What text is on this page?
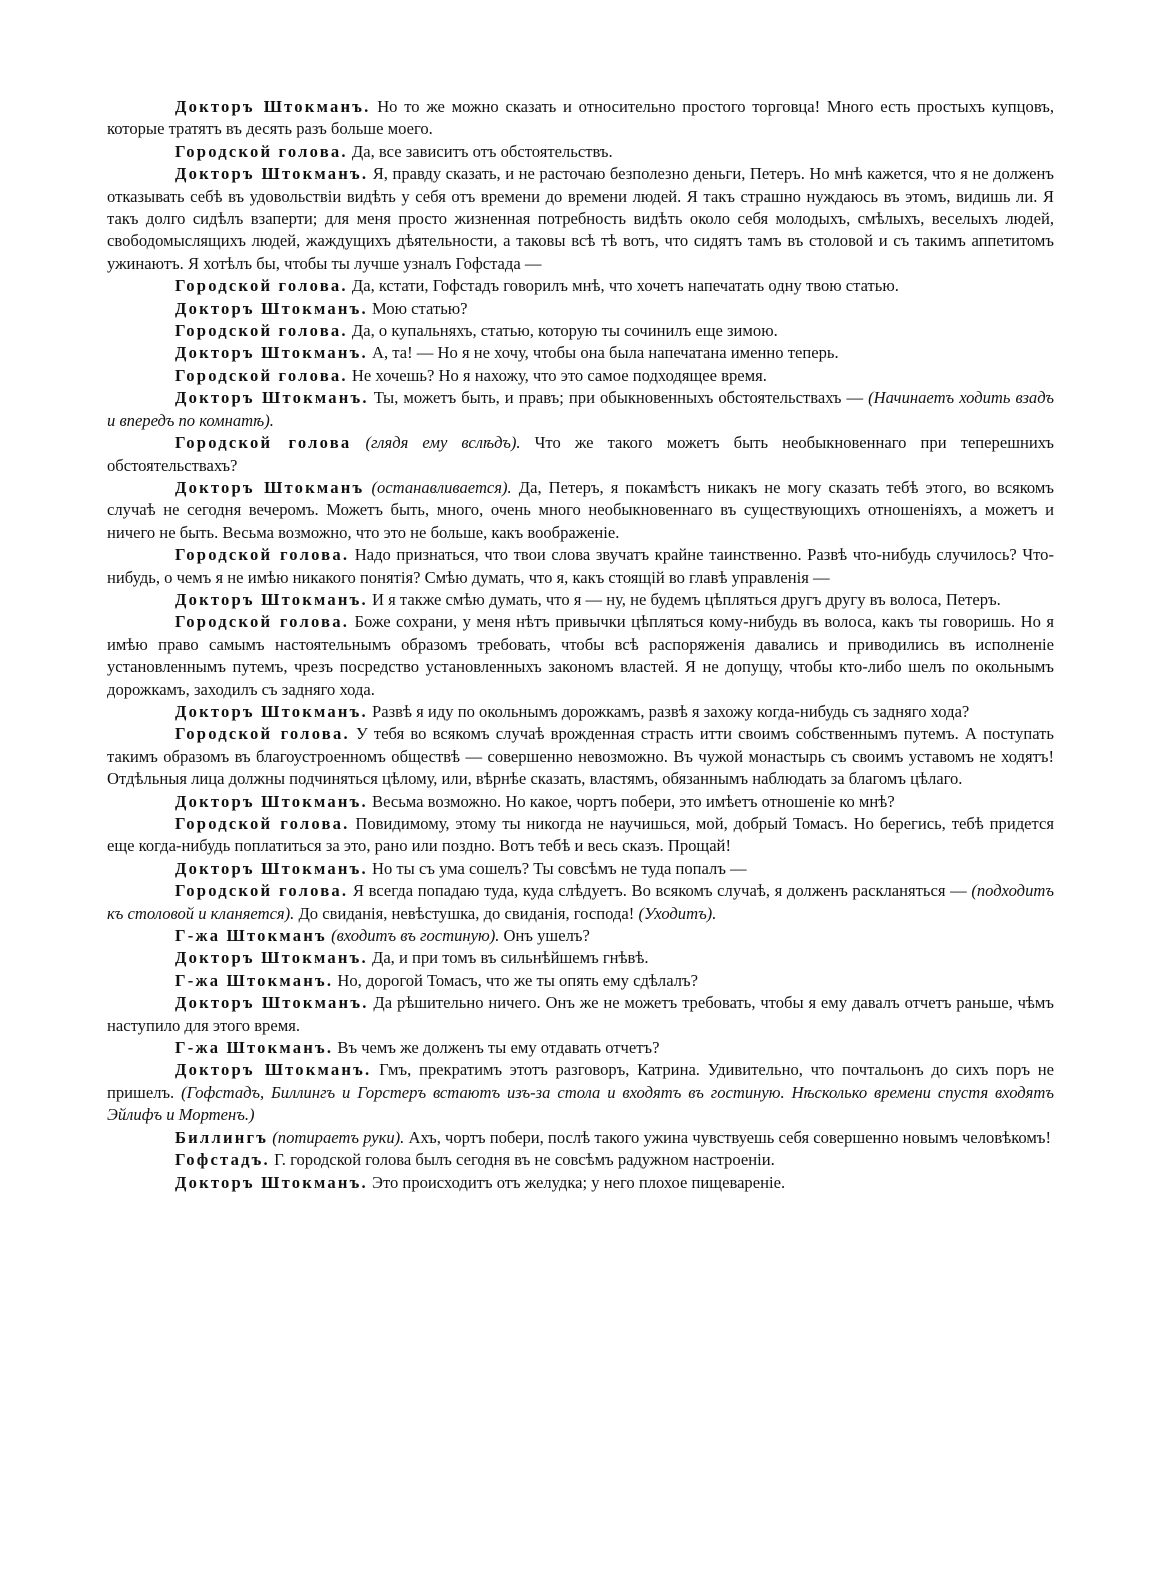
Докторъ Штокманъ. Но то же можно сказать и относительно простого торговца! Много есть простыхъ купцовъ, которые тратятъ въ десять разъ больше моего.

Городской голова. Да, все зависитъ отъ обстоятельствъ.

Докторъ Штокманъ. Я, правду сказать, и не расточаю безполезно деньги, Петеръ. Но мнѣ кажется, что я не долженъ отказывать себѣ въ удовольствіи видѣть у себя отъ времени до времени людей. Я такъ страшно нуждаюсь въ этомъ, видишь ли. Я такъ долго сидѣлъ взаперти; для меня просто жизненная потребность видѣть около себя молодыхъ, смѣлыхъ, веселыхъ людей, свободомыслящихъ людей, жаждущихъ дѣятельности, а таковы всѣ тѣ вотъ, что сидятъ тамъ въ столовой и съ такимъ аппетитомъ ужинаютъ. Я хотѣлъ бы, чтобы ты лучше узналъ Гофстада —

Городской голова. Да, кстати, Гофстадъ говорилъ мнѣ, что хочетъ напечатать одну твою статью.

Докторъ Штокманъ. Мою статью?

Городской голова. Да, о купальняхъ, статью, которую ты сочинилъ еще зимою.

Докторъ Штокманъ. А, та! — Но я не хочу, чтобы она была напечатана именно теперь.

Городской голова. Не хочешь? Но я нахожу, что это самое подходящее время.

Докторъ Штокманъ. Ты, можетъ быть, и правъ; при обыкновенныхъ обстоятельствахъ — (Начинаетъ ходить взадъ и впередъ по комнатѣ).

Городской голова (глядя ему вслѣдъ). Что же такого можетъ быть необыкновеннаго при теперешнихъ обстоятельствахъ?

Докторъ Штокманъ (останавливается). Да, Петеръ, я покамѣстъ никакъ не могу сказать тебѣ этого, во всякомъ случаѣ не сегодня вечеромъ. Можетъ быть, много, очень много необыкновеннаго въ существующихъ отношеніяхъ, а можетъ и ничего не быть. Весьма возможно, что это не больше, какъ воображеніе.

Городской голова. Надо признаться, что твои слова звучатъ крайне таинственно. Развѣ что-нибудь случилось? Что-нибудь, о чемъ я не имѣю никакого понятія? Смѣю думать, что я, какъ стоящій во главѣ управленія —

Докторъ Штокманъ. И я также смѣю думать, что я — ну, не будемъ цѣпляться другъ другу въ волоса, Петеръ.

Городской голова. Боже сохрани, у меня нѣтъ привычки цѣпляться кому-нибудь въ волоса, какъ ты говоришь. Но я имѣю право самымъ настоятельнымъ образомъ требовать, чтобы всѣ распоряженія давались и приводились въ исполненіе установленнымъ путемъ, чрезъ посредство установленныхъ закономъ властей. Я не допущу, чтобы кто-либо шелъ по окольнымъ дорожкамъ, заходилъ съ задняго хода.

Докторъ Штокманъ. Развѣ я иду по окольнымъ дорожкамъ, развѣ я захожу когда-нибудь съ задняго хода?

Городской голова. У тебя во всякомъ случаѣ врожденная страсть итти своимъ собственнымъ путемъ. А поступать такимъ образомъ въ благоустроенномъ обществѣ — совершенно невозможно. Въ чужой монастырь съ своимъ уставомъ не ходятъ! Отдѣльныя лица должны подчиняться цѣлому, или, вѣрнѣе сказать, властямъ, обязаннымъ наблюдать за благомъ цѣлаго.

Докторъ Штокманъ. Весьма возможно. Но какое, чортъ побери, это имѣетъ отношеніе ко мнѣ?

Городской голова. Повидимому, этому ты никогда не научишься, мой, добрый Томасъ. Но берегись, тебѣ придется еще когда-нибудь поплатиться за это, рано или поздно. Вотъ тебѣ и весь сказъ. Прощай!

Докторъ Штокманъ. Но ты съ ума сошелъ? Ты совсѣмъ не туда попалъ —

Городской голова. Я всегда попадаю туда, куда слѣдуетъ. Во всякомъ случаѣ, я долженъ раскланяться — (подходитъ къ столовой и кланяется). До свиданія, невѣстушка, до свиданія, господа! (Уходитъ).

Г-жа Штокманъ (входитъ въ гостиную). Онъ ушелъ?

Докторъ Штокманъ. Да, и при томъ въ сильнѣйшемъ гнѣвѣ.

Г-жа Штокманъ. Но, дорогой Томасъ, что же ты опять ему сдѣлалъ?

Докторъ Штокманъ. Да рѣшительно ничего. Онъ же не можетъ требовать, чтобы я ему давалъ отчетъ раньше, чѣмъ наступило для этого время.

Г-жа Штокманъ. Въ чемъ же долженъ ты ему отдавать отчетъ?

Докторъ Штокманъ. Гмъ, прекратимъ этотъ разговоръ, Катрина. Удивительно, что почтальонъ до сихъ поръ не пришелъ. (Гофстадъ, Биллингъ и Горстеръ встаютъ изъ-за стола и входятъ въ гостиную. Нѣсколько времени спустя входятъ Эйлифъ и Мортенъ.)

Биллингъ (потираетъ руки). Ахъ, чортъ побери, послѣ такого ужина чувствуешь себя совершенно новымъ человѣкомъ!

Гофстадъ. Г. городской голова былъ сегодня въ не совсѣмъ радужном настроеніи.

Докторъ Штокманъ. Это происходитъ отъ желудка; у него плохое пищевареніе.
